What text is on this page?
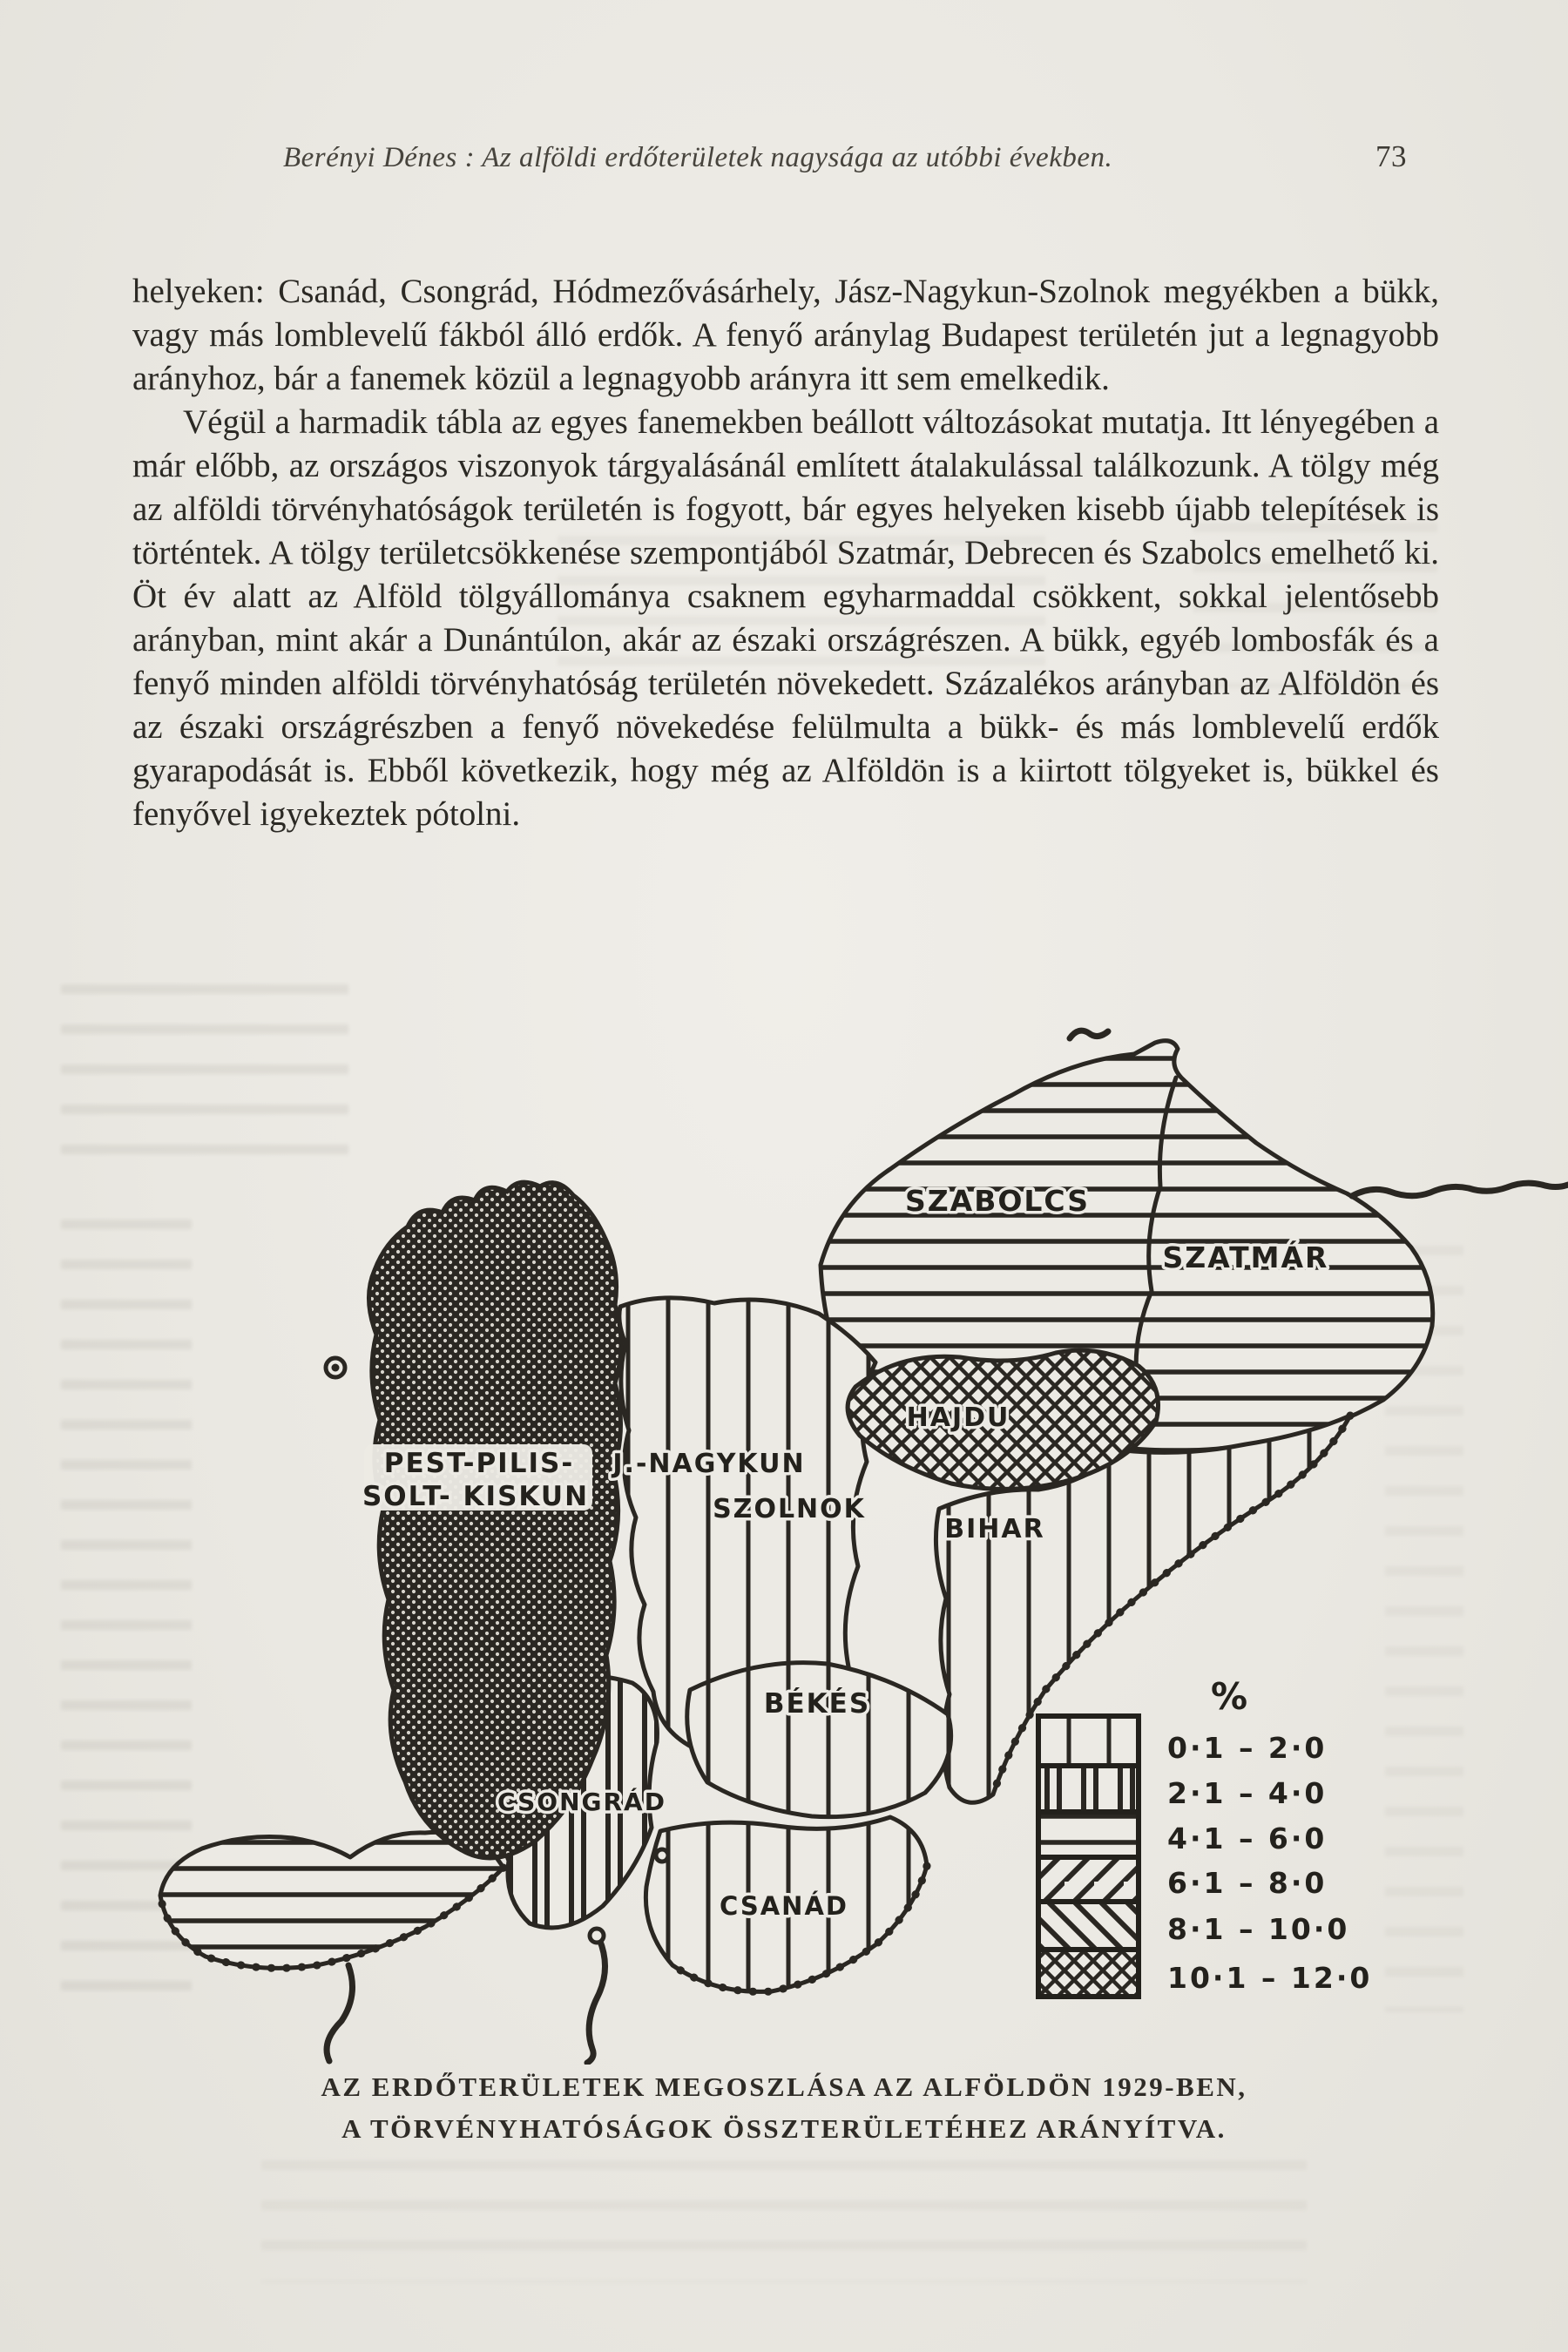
Berényi Dénes : Az alföldi erdőterületek nagysága az utóbbi években.	73

helyeken: Csanád, Csongrád, Hódmezővásárhely, Jász-Nagykun-Szolnok megyékben a bükk, vagy más lomblevelű fákból álló erdők. A fenyő aránylag Budapest területén jut a legnagyobb arányhoz, bár a fanemek közül a legnagyobb arányra itt sem emelkedik.

Végül a harmadik tábla az egyes fanemekben beállott változásokat mutatja. Itt lényegében a már előbb, az országos viszonyok tárgyalásánál említett átalakulással találkozunk. A tölgy még az alföldi törvényhatóságok területén is fogyott, bár egyes helyeken kisebb újabb telepítések is történtek. A tölgy területcsökkenése szempontjából Szatmár, Debrecen és Szabolcs emelhető ki. Öt év alatt az Alföld tölgyállománya csaknem egyharmaddal csökkent, sokkal jelentősebb arányban, mint akár a Dunántúlon, akár az északi országrészen. A bükk, egyéb lombosfák és a fenyő minden alföldi törvényhatóság területén növekedett. Százalékos arányban az Alföldön és az északi országrészben a fenyő növekedése felülmulta a bükk- és más lomblevelű erdők gyarapodását is. Ebből következik, hogy még az Alföldön is a kiirtott tölgyeket is, bükkel és fenyővel igyekeztek pótolni.

SZABOLCS
SZATMÁR
HAJDU
PEST-PILIS-
SOLT- KISKUN
J.-NAGYKUN
SZOLNOK
BIHAR
BÉKÉS
CSONGRÁD
CSANÁD
%
0·1 – 2·0
2·1 – 4·0
4·1 – 6·0
6·1 – 8·0
8·1 – 10·0
10·1 – 12·0
AZ ERDŐTERÜLETEK MEGOSZLÁSA AZ ALFÖLDÖN 1929-BEN,
A TÖRVÉNYHATÓSÁGOK ÖSSZTERÜLETÉHEZ ARÁNYÍTVA.
